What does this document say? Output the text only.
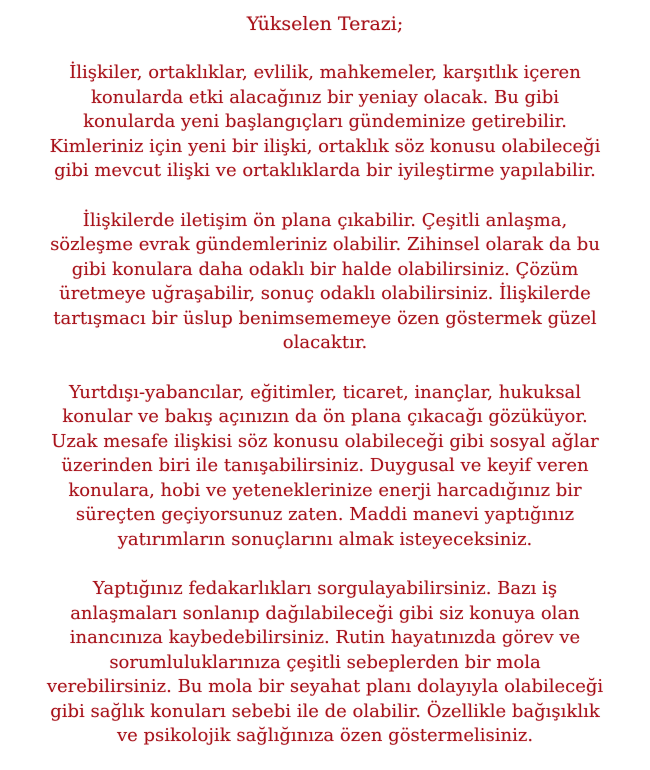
Yükselen Terazi;
İlişkiler, ortaklıklar, evlilik, mahkemeler, karşıtlık içeren
konularda etki alacağınız bir yeniay olacak. Bu gibi
konularda yeni başlangıçları gündeminize getirebilir.
Kimleriniz için yeni bir ilişki, ortaklık söz konusu olabileceği
gibi mevcut ilişki ve ortaklıklarda bir iyileştirme yapılabilir.
İlişkilerde iletişim ön plana çıkabilir. Çeşitli anlaşma,
sözleşme evrak gündemleriniz olabilir. Zihinsel olarak da bu
gibi konulara daha odaklı bir halde olabilirsiniz. Çözüm
üretmeye uğraşabilir, sonuç odaklı olabilirsiniz. İlişkilerde
tartışmacı bir üslup benimsememeye özen göstermek güzel
olacaktır.
Yurtdışı-yabancılar, eğitimler, ticaret, inançlar, hukuksal
konular ve bakış açınızın da ön plana çıkacağı gözüküyor.
Uzak mesafe ilişkisi söz konusu olabileceği gibi sosyal ağlar
üzerinden biri ile tanışabilirsiniz. Duygusal ve keyif veren
konulara, hobi ve yeteneklerinize enerji harcadığınız bir
süreçten geçiyorsunuz zaten. Maddi manevi yaptığınız
yatırımların sonuçlarını almak isteyeceksiniz.
Yaptığınız fedakarlıkları sorgulayabilirsiniz. Bazı iş
anlaşmaları sonlanıp dağılabileceği gibi siz konuya olan
inancınıza kaybedebilirsiniz. Rutin hayatınızda görev ve
sorumluluklarınıza çeşitli sebeplerden bir mola
verebilirsiniz. Bu mola bir seyahat planı dolayıyla olabileceği
gibi sağlık konuları sebebi ile de olabilir. Özellikle bağışıklık
ve psikolojik sağlığınıza özen göstermelisiniz.
